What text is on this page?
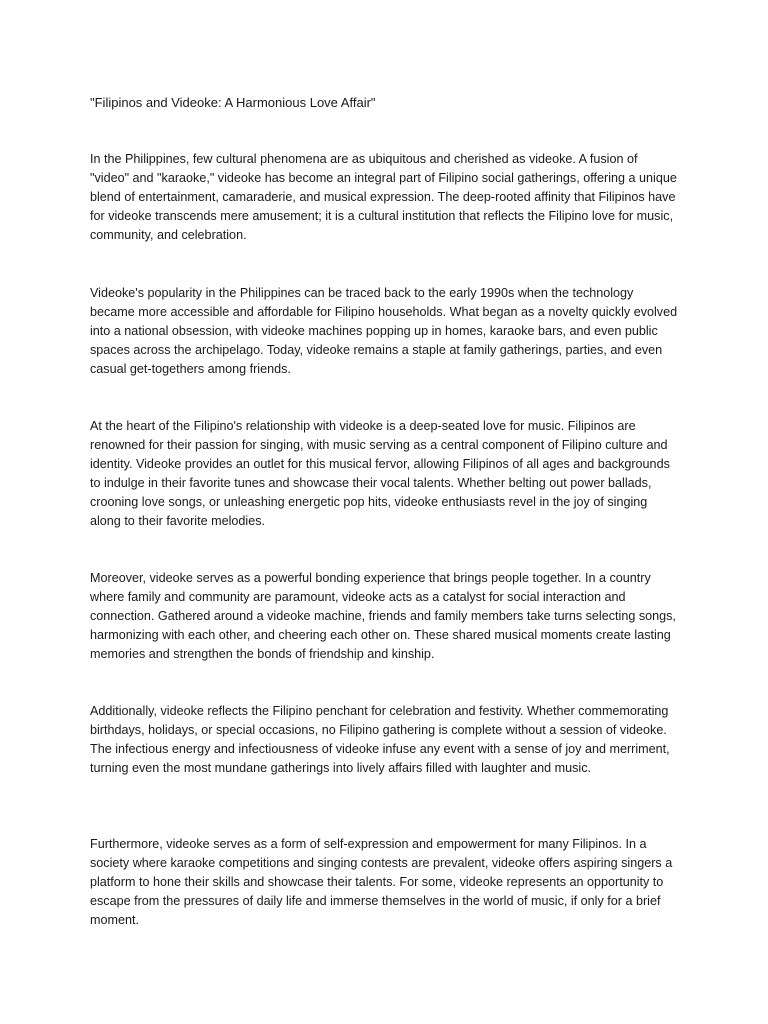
"Filipinos and Videoke: A Harmonious Love Affair"

In the Philippines, few cultural phenomena are as ubiquitous and cherished as videoke. A fusion of "video" and "karaoke," videoke has become an integral part of Filipino social gatherings, offering a unique blend of entertainment, camaraderie, and musical expression. The deep-rooted affinity that Filipinos have for videoke transcends mere amusement; it is a cultural institution that reflects the Filipino love for music, community, and celebration.

Videoke's popularity in the Philippines can be traced back to the early 1990s when the technology became more accessible and affordable for Filipino households. What began as a novelty quickly evolved into a national obsession, with videoke machines popping up in homes, karaoke bars, and even public spaces across the archipelago. Today, videoke remains a staple at family gatherings, parties, and even casual get-togethers among friends.

At the heart of the Filipino's relationship with videoke is a deep-seated love for music. Filipinos are renowned for their passion for singing, with music serving as a central component of Filipino culture and identity. Videoke provides an outlet for this musical fervor, allowing Filipinos of all ages and backgrounds to indulge in their favorite tunes and showcase their vocal talents. Whether belting out power ballads, crooning love songs, or unleashing energetic pop hits, videoke enthusiasts revel in the joy of singing along to their favorite melodies.

Moreover, videoke serves as a powerful bonding experience that brings people together. In a country where family and community are paramount, videoke acts as a catalyst for social interaction and connection. Gathered around a videoke machine, friends and family members take turns selecting songs, harmonizing with each other, and cheering each other on. These shared musical moments create lasting memories and strengthen the bonds of friendship and kinship.

Additionally, videoke reflects the Filipino penchant for celebration and festivity. Whether commemorating birthdays, holidays, or special occasions, no Filipino gathering is complete without a session of videoke. The infectious energy and infectiousness of videoke infuse any event with a sense of joy and merriment, turning even the most mundane gatherings into lively affairs filled with laughter and music.

Furthermore, videoke serves as a form of self-expression and empowerment for many Filipinos. In a society where karaoke competitions and singing contests are prevalent, videoke offers aspiring singers a platform to hone their skills and showcase their talents. For some, videoke represents an opportunity to escape from the pressures of daily life and immerse themselves in the world of music, if only for a brief moment.
